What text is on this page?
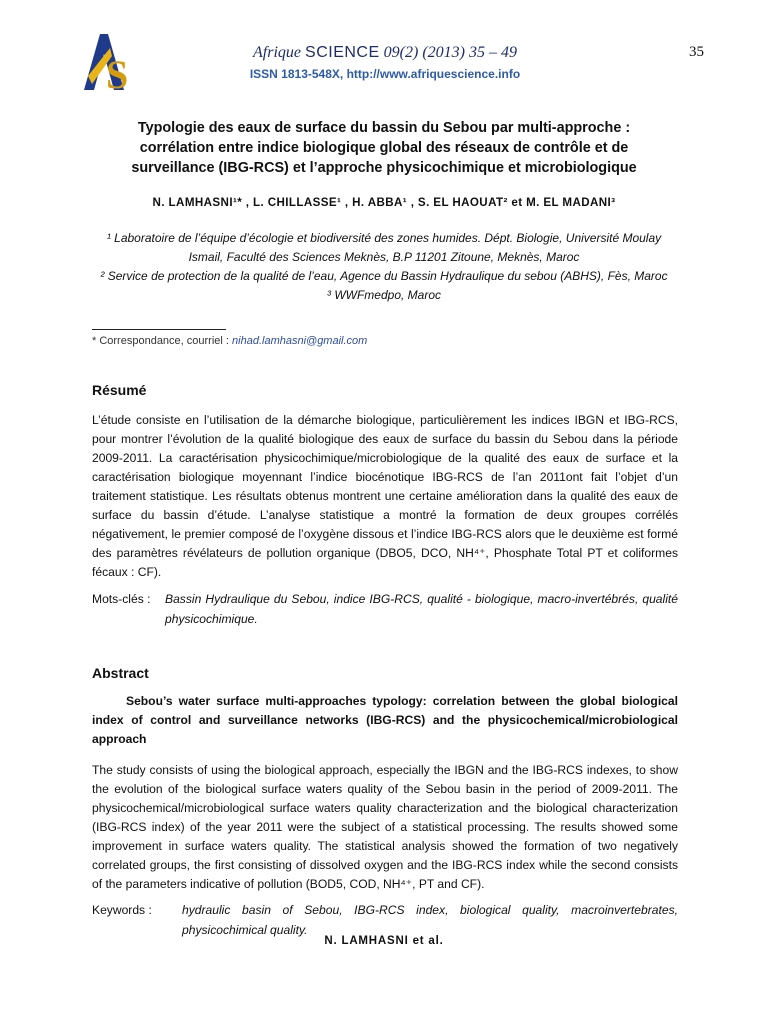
S	Afrique SCIENCE 09(2) (2013) 35 – 49	35
ISSN 1813-548X, http://www.afriquescience.info
Typologie des eaux de surface du bassin du Sebou par multi-approche : corrélation entre indice biologique global des réseaux de contrôle et de surveillance (IBG-RCS) et l’approche physicochimique et microbiologique
N. LAMHASNI¹* , L. CHILLASSE¹ , H. ABBA¹ , S. EL HAOUAT² et M. EL MADANI³
¹ Laboratoire de l’équipe d’écologie et biodiversité des zones humides. Dépt. Biologie, Université Moulay Ismail, Faculté des Sciences Meknès, B.P 11201 Zitoune, Meknès, Maroc
² Service de protection de la qualité de l’eau, Agence du Bassin Hydraulique du sebou (ABHS), Fès, Maroc
³ WWFmedpo, Maroc
* Correspondance, courriel : nihad.lamhasni@gmail.com
Résumé
L’étude consiste en l’utilisation de la démarche biologique, particulièrement les indices IBGN et IBG-RCS, pour montrer l’évolution de la qualité biologique des eaux de surface du bassin du Sebou dans la période 2009-2011. La caractérisation physicochimique/microbiologique de la qualité des eaux de surface et la caractérisation biologique moyennant l’indice biocénotique IBG-RCS de l’an 2011ont fait l’objet d’un traitement statistique. Les résultats obtenus montrent une certaine amélioration dans la qualité des eaux de surface du bassin d’étude. L’analyse statistique a montré la formation de deux groupes corrélés négativement, le premier composé de l’oxygène dissous et l’indice IBG-RCS alors que le deuxième est formé des paramètres révélateurs de pollution organique (DBO5, DCO, NH⁴⁺, Phosphate Total PT et coliformes fécaux : CF).
Mots-clés : Bassin Hydraulique du Sebou, indice IBG-RCS, qualité - biologique, macro-invertébrés, qualité physicochimique.
Abstract
Sebou’s water surface multi-approaches typology: correlation between the global biological index of control and surveillance networks (IBG-RCS) and the physicochemical/microbiological approach
The study consists of using the biological approach, especially the IBGN and the IBG-RCS indexes, to show the evolution of the biological surface waters quality of the Sebou basin in the period of 2009-2011. The physicochemical/microbiological surface waters quality characterization and the biological characterization (IBG-RCS index) of the year 2011 were the subject of a statistical processing. The results showed some improvement in surface waters quality. The statistical analysis showed the formation of two negatively correlated groups, the first consisting of dissolved oxygen and the IBG-RCS index while the second consists of the parameters indicative of pollution (BOD5, COD, NH⁴⁺, PT and CF).
Keywords : hydraulic basin of Sebou, IBG-RCS index, biological quality, macroinvertebrates, physicochimical quality.
N. LAMHASNI et al.
